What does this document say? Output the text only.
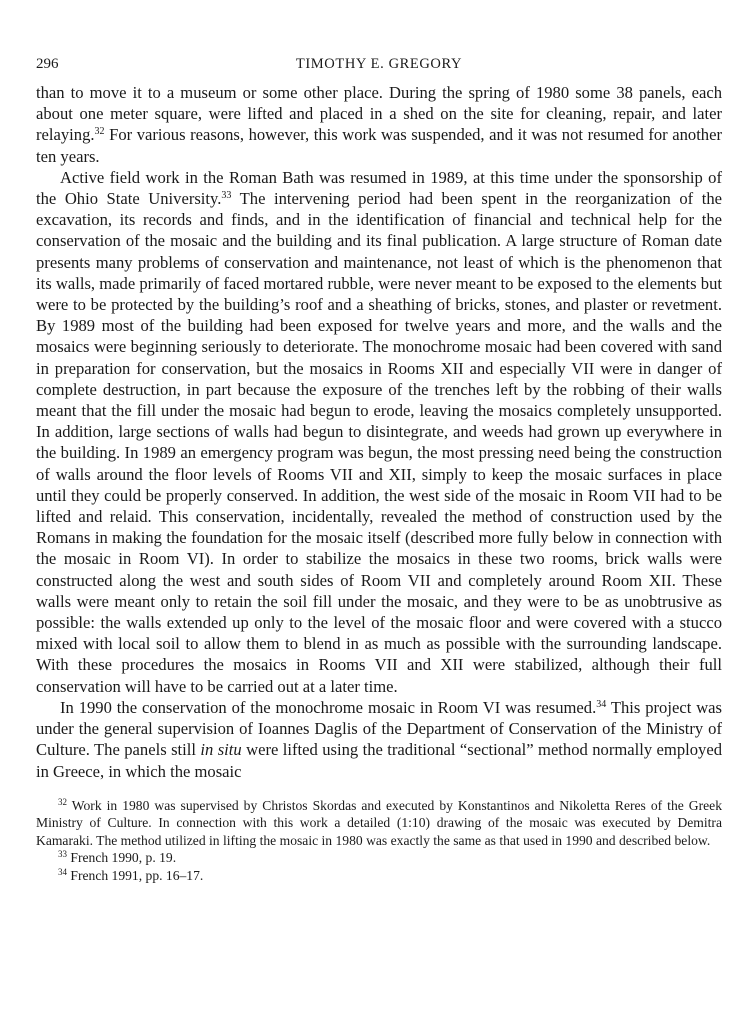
296	TIMOTHY E. GREGORY

than to move it to a museum or some other place. During the spring of 1980 some 38 panels, each about one meter square, were lifted and placed in a shed on the site for cleaning, repair, and later relaying.$^{32}$ For various reasons, however, this work was suspended, and it was not resumed for another ten years.

Active field work in the Roman Bath was resumed in 1989, at this time under the sponsorship of the Ohio State University.$^{33}$ The intervening period had been spent in the reorganization of the excavation, its records and finds, and in the identification of financial and technical help for the conservation of the mosaic and the building and its final publication. A large structure of Roman date presents many problems of conservation and maintenance, not least of which is the phenomenon that its walls, made primarily of faced mortared rubble, were never meant to be exposed to the elements but were to be protected by the building’s roof and a sheathing of bricks, stones, and plaster or revetment. By 1989 most of the building had been exposed for twelve years and more, and the walls and the mosaics were beginning seriously to deteriorate. The monochrome mosaic had been covered with sand in preparation for conservation, but the mosaics in Rooms XII and especially VII were in danger of complete destruction, in part because the exposure of the trenches left by the robbing of their walls meant that the fill under the mosaic had begun to erode, leaving the mosaics completely unsupported. In addition, large sections of walls had begun to disintegrate, and weeds had grown up everywhere in the building. In 1989 an emergency program was begun, the most pressing need being the construction of walls around the floor levels of Rooms VII and XII, simply to keep the mosaic surfaces in place until they could be properly conserved. In addition, the west side of the mosaic in Room VII had to be lifted and relaid. This conservation, incidentally, revealed the method of construction used by the Romans in making the foundation for the mosaic itself (described more fully below in connection with the mosaic in Room VI). In order to stabilize the mosaics in these two rooms, brick walls were constructed along the west and south sides of Room VII and completely around Room XII. These walls were meant only to retain the soil fill under the mosaic, and they were to be as unobtrusive as possible: the walls extended up only to the level of the mosaic floor and were covered with a stucco mixed with local soil to allow them to blend in as much as possible with the surrounding landscape. With these procedures the mosaics in Rooms VII and XII were stabilized, although their full conservation will have to be carried out at a later time.

In 1990 the conservation of the monochrome mosaic in Room VI was resumed.$^{34}$ This project was under the general supervision of Ioannes Daglis of the Department of Conservation of the Ministry of Culture. The panels still in situ were lifted using the traditional “sectional” method normally employed in Greece, in which the mosaic

$^{32}$ Work in 1980 was supervised by Christos Skordas and executed by Konstantinos and Nikoletta Reres of the Greek Ministry of Culture. In connection with this work a detailed (1:10) drawing of the mosaic was executed by Demitra Kamaraki. The method utilized in lifting the mosaic in 1980 was exactly the same as that used in 1990 and described below.

$^{33}$ French 1990, p. 19.

$^{34}$ French 1991, pp. 16–17.
